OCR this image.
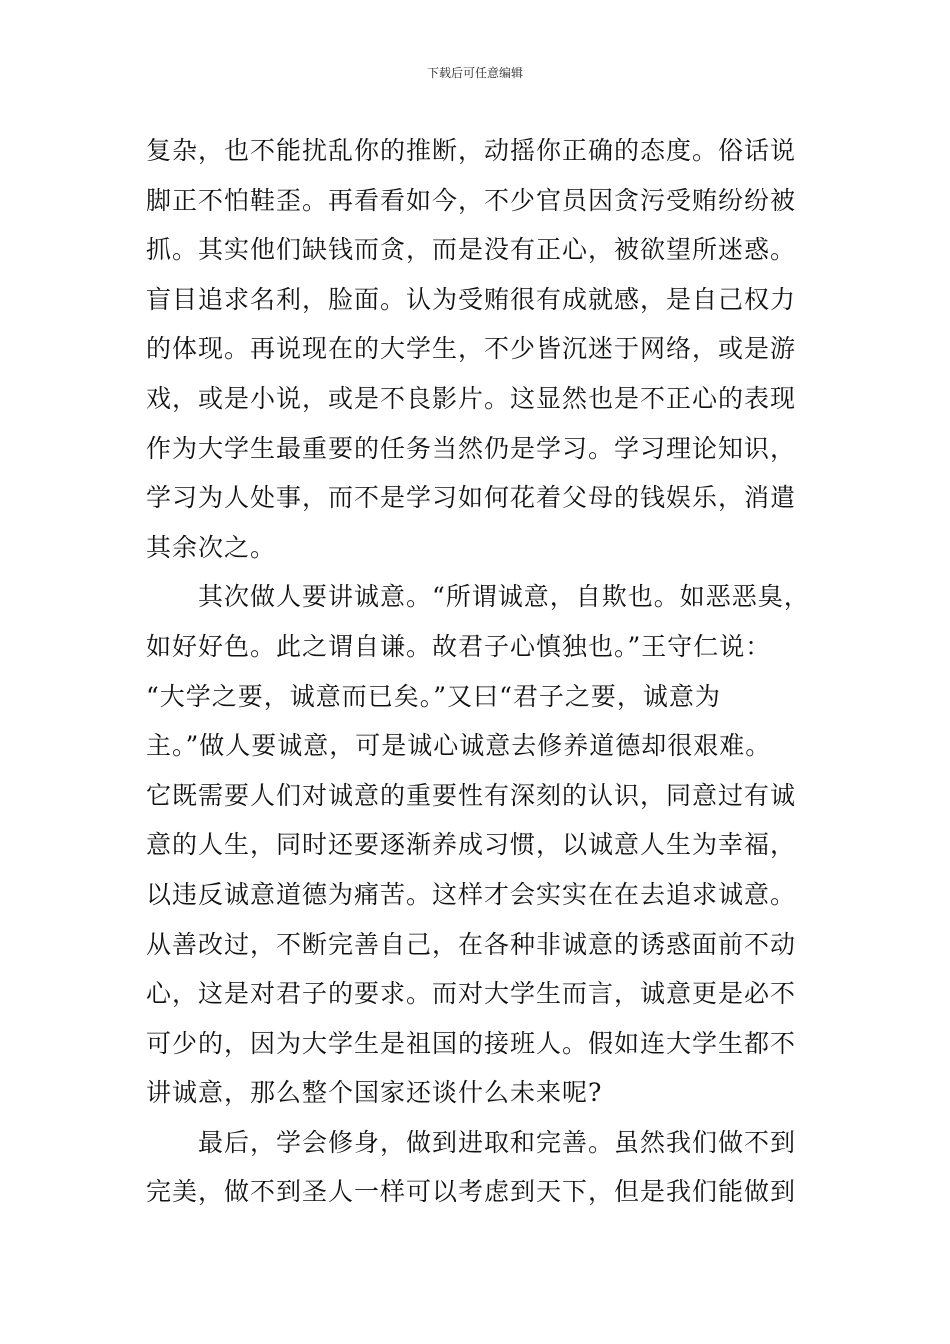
下载后可任意编辑
复杂，也不能扰乱你的推断，动摇你正确的态度。俗话说
脚正不怕鞋歪。再看看如今，不少官员因贪污受贿纷纷被
抓。其实他们缺钱而贪，而是没有正心，被欲望所迷惑。
盲目追求名利，脸面。认为受贿很有成就感，是自己权力
的体现。再说现在的大学生，不少皆沉迷于网络，或是游
戏，或是小说，或是不良影片。这显然也是不正心的表现
作为大学生最重要的任务当然仍是学习。学习理论知识，
学习为人处事，而不是学习如何花着父母的钱娱乐，消遣
其余次之。
　　其次做人要讲诚意。“所谓诚意，自欺也。如恶恶臭，
如好好色。此之谓自谦。故君子心慎独也。”王守仁说：
“大学之要，诚意而已矣。”又曰“君子之要，诚意为
主。”做人要诚意，可是诚心诚意去修养道德却很艰难。
它既需要人们对诚意的重要性有深刻的认识，同意过有诚
意的人生，同时还要逐渐养成习惯，以诚意人生为幸福，
以违反诚意道德为痛苦。这样才会实实在在去追求诚意。
从善改过，不断完善自己，在各种非诚意的诱惑面前不动
心，这是对君子的要求。而对大学生而言，诚意更是必不
可少的，因为大学生是祖国的接班人。假如连大学生都不
讲诚意，那么整个国家还谈什么未来呢?
　　最后，学会修身，做到进取和完善。虽然我们做不到
完美，做不到圣人一样可以考虑到天下，但是我们能做到
